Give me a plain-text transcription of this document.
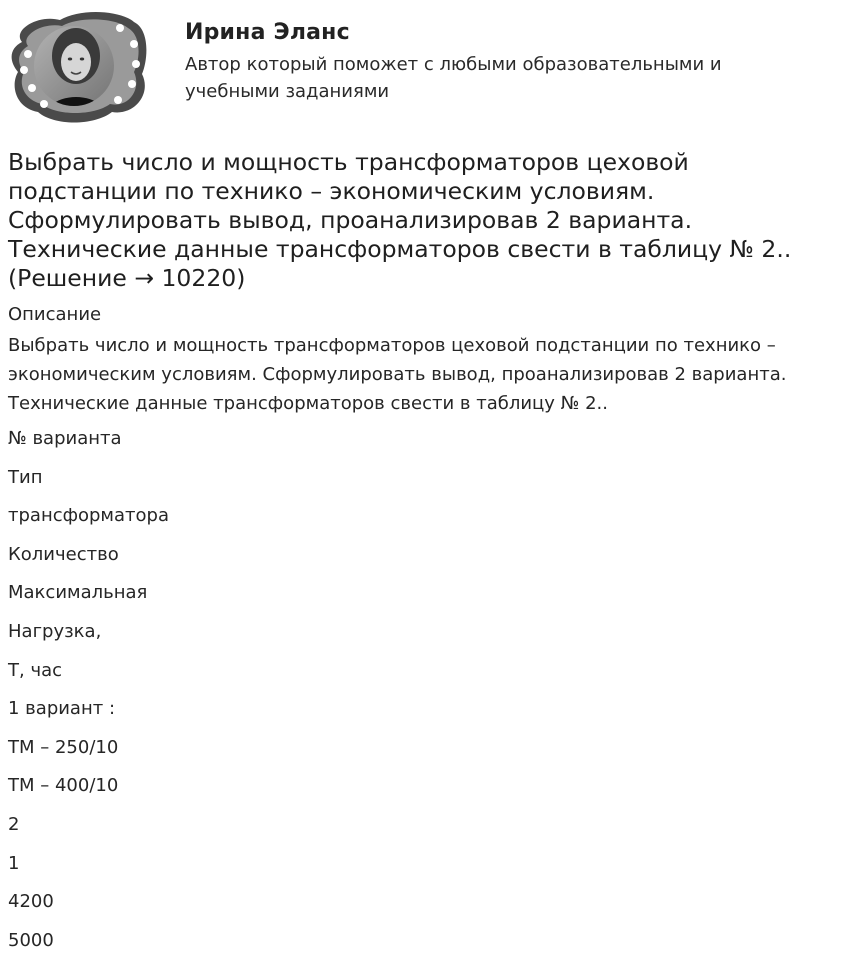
Ирина Эланс
Автор который поможет с любыми образовательными и учебными заданиями
Выбрать число и мощность трансформаторов цеховой подстанции по технико – экономическим условиям. Сформулировать вывод, проанализировав 2 варианта. Технические данные трансформаторов свести в таблицу № 2.. (Решение → 10220)
Описание

Выбрать число и мощность трансформаторов цеховой подстанции по технико – экономическим условиям. Сформулировать вывод, проанализировав 2 варианта. Технические данные трансформаторов свести в таблицу № 2..

№ варианта
Тип
трансформатора
Количество
Максимальная
Нагрузка,
Т, час
1 вариант :
ТМ – 250/10
ТМ – 400/10
2
1
4200
5000
